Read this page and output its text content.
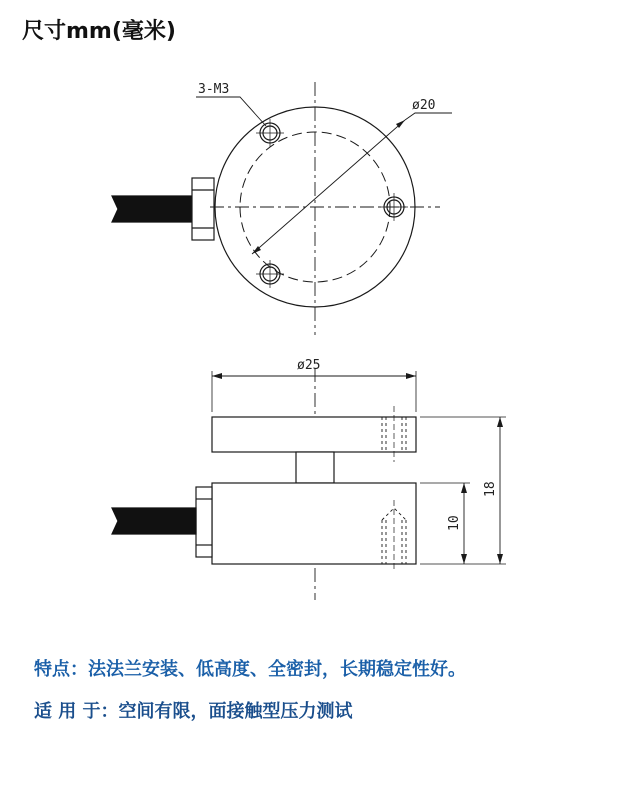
尺寸mm(毫米)
3-M3
ø20
ø25
18
10
特点：法法兰安装、低高度、全密封，长期稳定性好。
适 用 于：空间有限，面接触型压力测试
